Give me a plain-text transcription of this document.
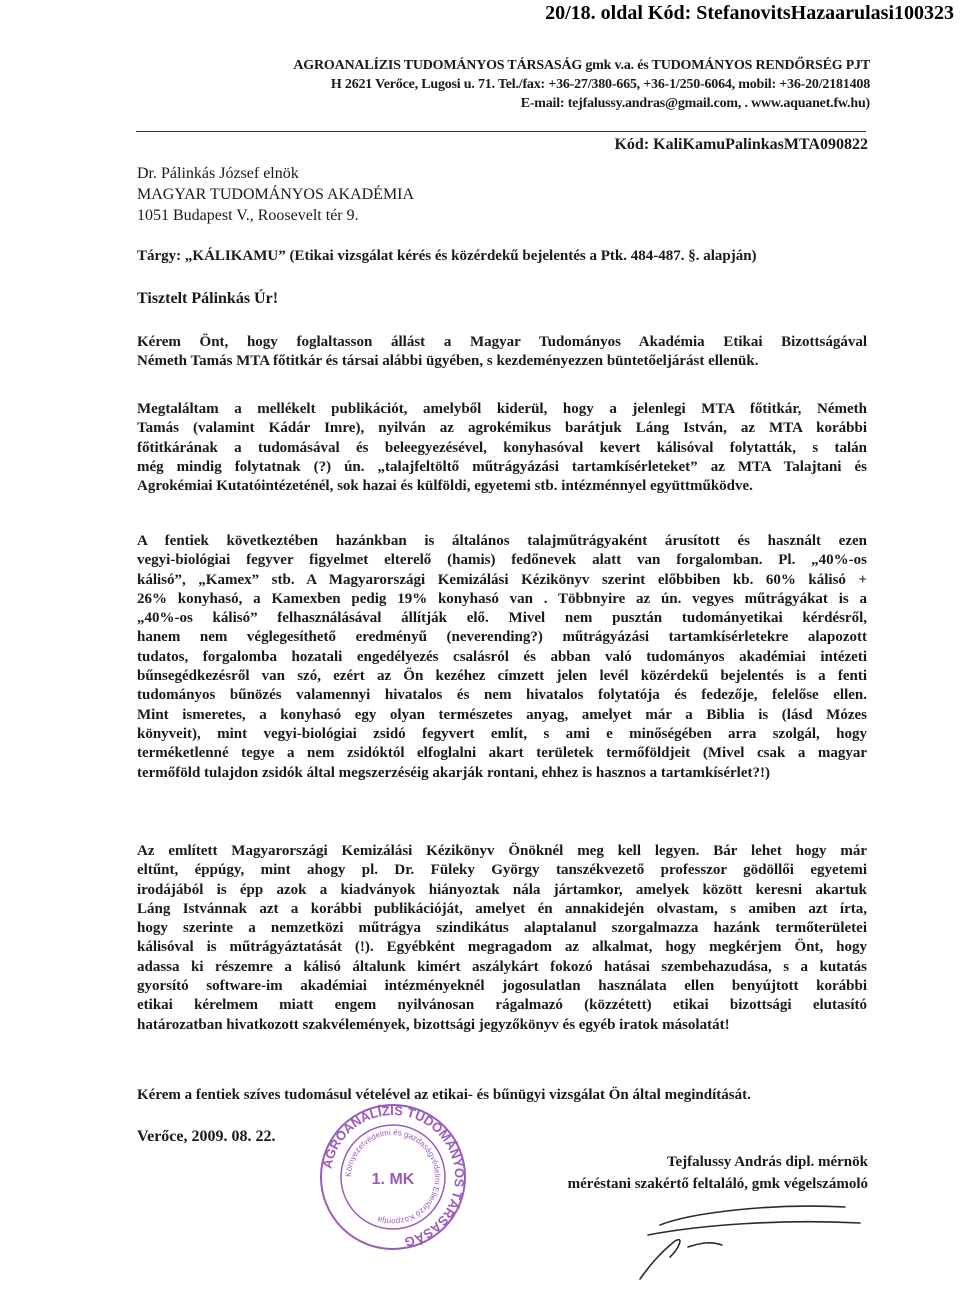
20/18. oldal Kód: StefanovitsHazaarulasi100323
AGROANALÍZIS TUDOMÁNYOS TÁRSASÁG gmk v.a. és TUDOMÁNYOS RENDŐRSÉG PJT
H 2621 Verőce, Lugosi u. 71. Tel./fax: +36-27/380-665, +36-1/250-6064, mobil: +36-20/2181408
E-mail: tejfalussy.andras@gmail.com, . www.aquanet.fw.hu)
Kód: KaliKamuPalinkasMTA090822
Dr. Pálinkás József elnök
MAGYAR TUDOMÁNYOS AKADÉMIA
1051 Budapest V., Roosevelt tér 9.
Tárgy: „KÁLIKAMU” (Etikai vizsgálat kérés és közérdekű bejelentés a Ptk. 484-487. §. alapján)
Tisztelt Pálinkás Úr!
Kérem Önt, hogy foglaltasson állást a Magyar Tudományos Akadémia Etikai Bizottságával
Németh Tamás MTA főtitkár és társai alábbi ügyében, s kezdeményezzen büntetőeljárást ellenük.
Megtaláltam a mellékelt publikációt, amelyből kiderül, hogy a jelenlegi MTA főtitkár, Németh
Tamás (valamint Kádár Imre), nyilván az agrokémikus barátjuk Láng István, az MTA korábbi
főtitkárának a tudomásával és beleegyezésével, konyhasóval kevert kálisóval folytatták, s talán
még mindig folytatnak (?) ún. „talajfeltöltő műtrágyázási tartamkísérleteket” az MTA Talajtani és
Agrokémiai Kutatóintézeténél, sok hazai és külföldi, egyetemi stb. intézménnyel együttműködve.
A fentiek következtében hazánkban is általános talajműtrágyaként árusított és használt ezen
vegyi-biológiai fegyver figyelmet elterelő (hamis) fedőnevek alatt van forgalomban. Pl. „40%-os
kálisó”, „Kamex” stb. A Magyarországi Kemizálási Kézikönyv szerint előbbiben kb. 60% kálisó +
26% konyhasó, a Kamexben pedig 19% konyhasó van . Többnyire az ún. vegyes műtrágyákat is a
„40%-os kálisó” felhasználásával állítják elő. Mivel nem pusztán tudományetikai kérdésről,
hanem nem véglegesíthető eredményű (neverending?) műtrágyázási tartamkísérletekre alapozott
tudatos, forgalomba hozatali engedélyezés csalásról és abban való tudományos akadémiai intézeti
bűnsegédkezésről van szó, ezért az Ön kezéhez címzett jelen levél közérdekű bejelentés is a fenti
tudományos bűnözés valamennyi hivatalos és nem hivatalos folytatója és fedezője, felelőse ellen.
Mint ismeretes, a konyhasó egy olyan természetes anyag, amelyet már a Biblia is (lásd Mózes
könyveit), mint vegyi-biológiai zsidó fegyvert említ, s ami e minőségében arra szolgál, hogy
terméketlenné tegye a nem zsidóktól elfoglalni akart területek termőföldjeit (Mivel csak a magyar
termőföld tulajdon zsidók által megszerzéséig akarják rontani, ehhez is hasznos a tartamkísérlet?!)
Az említett Magyarországi Kemizálási Kézikönyv Önöknél meg kell legyen. Bár lehet hogy már
eltűnt, éppúgy, mint ahogy pl. Dr. Füleky György tanszékvezető professzor gödöllői egyetemi
irodájából is épp azok a kiadványok hiányoztak nála jártamkor, amelyek között keresni akartuk
Láng Istvánnak azt a korábbi publikációját, amelyet én annakidején olvastam, s amiben azt írta,
hogy szerinte a nemzetközi műtrágya szindikátus alaptalanul szorgalmazza hazánk termőterületei
kálisóval is műtrágyáztatását (!). Egyébként megragadom az alkalmat, hogy megkérjem Önt, hogy
adassa ki részemre a kálisó általunk kimért aszálykárt fokozó hatásai szembehazudása, s a kutatás
gyorsító software-im akadémiai intézményeknél jogosulatlan használata ellen benyújtott korábbi
etikai kérelmem miatt engem nyilvánosan rágalmazó (közzétett) etikai bizottsági elutasító
határozatban hivatkozott szakvélemények, bizottsági jegyzőkönyv és egyéb iratok másolatát!
Kérem a fentiek szíves tudomásul vételével az etikai- és bűnügyi vizsgálat Ön által megindítását.
Verőce, 2009. 08. 22.
Tejfalussy András dipl. mérnök
méréstani szakértő feltaláló, gmk végelszámoló
AGROANALÍZIS TUDOMÁNYOS TÁRSASÁG
Környezetvédelmi és gazdaságvédelmi Ellenőrző Központja
1. MK
